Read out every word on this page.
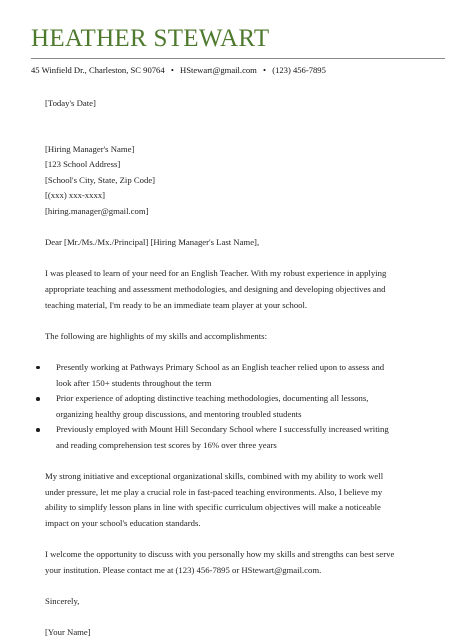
HEATHER STEWART
45 Winfield Dr., Charleston, SC 90764 • HStewart@gmail.com • (123) 456-7895

[Today's Date]

[Hiring Manager's Name]

[123 School Address]

[School's City, State, Zip Code]

[(xxx) xxx-xxxx]

[hiring.manager@gmail.com]

Dear [Mr./Ms./Mx./Principal] [Hiring Manager's Last Name],

I was pleased to learn of your need for an English Teacher. With my robust experience in applying

appropriate teaching and assessment methodologies, and designing and developing objectives and

teaching material, I'm ready to be an immediate team player at your school.

The following are highlights of my skills and accomplishments:

Presently working at Pathways Primary School as an English teacher relied upon to assess and
look after 150+ students throughout the term
Prior experience of adopting distinctive teaching methodologies, documenting all lessons,
organizing healthy group discussions, and mentoring troubled students
Previously employed with Mount Hill Secondary School where I successfully increased writing
and reading comprehension test scores by 16% over three years

My strong initiative and exceptional organizational skills, combined with my ability to work well

under pressure, let me play a crucial role in fast-paced teaching environments. Also, I believe my

ability to simplify lesson plans in line with specific curriculum objectives will make a noticeable

impact on your school's education standards.

I welcome the opportunity to discuss with you personally how my skills and strengths can best serve

your institution. Please contact me at (123) 456-7895 or HStewart@gmail.com.

Sincerely,

[Your Name]
